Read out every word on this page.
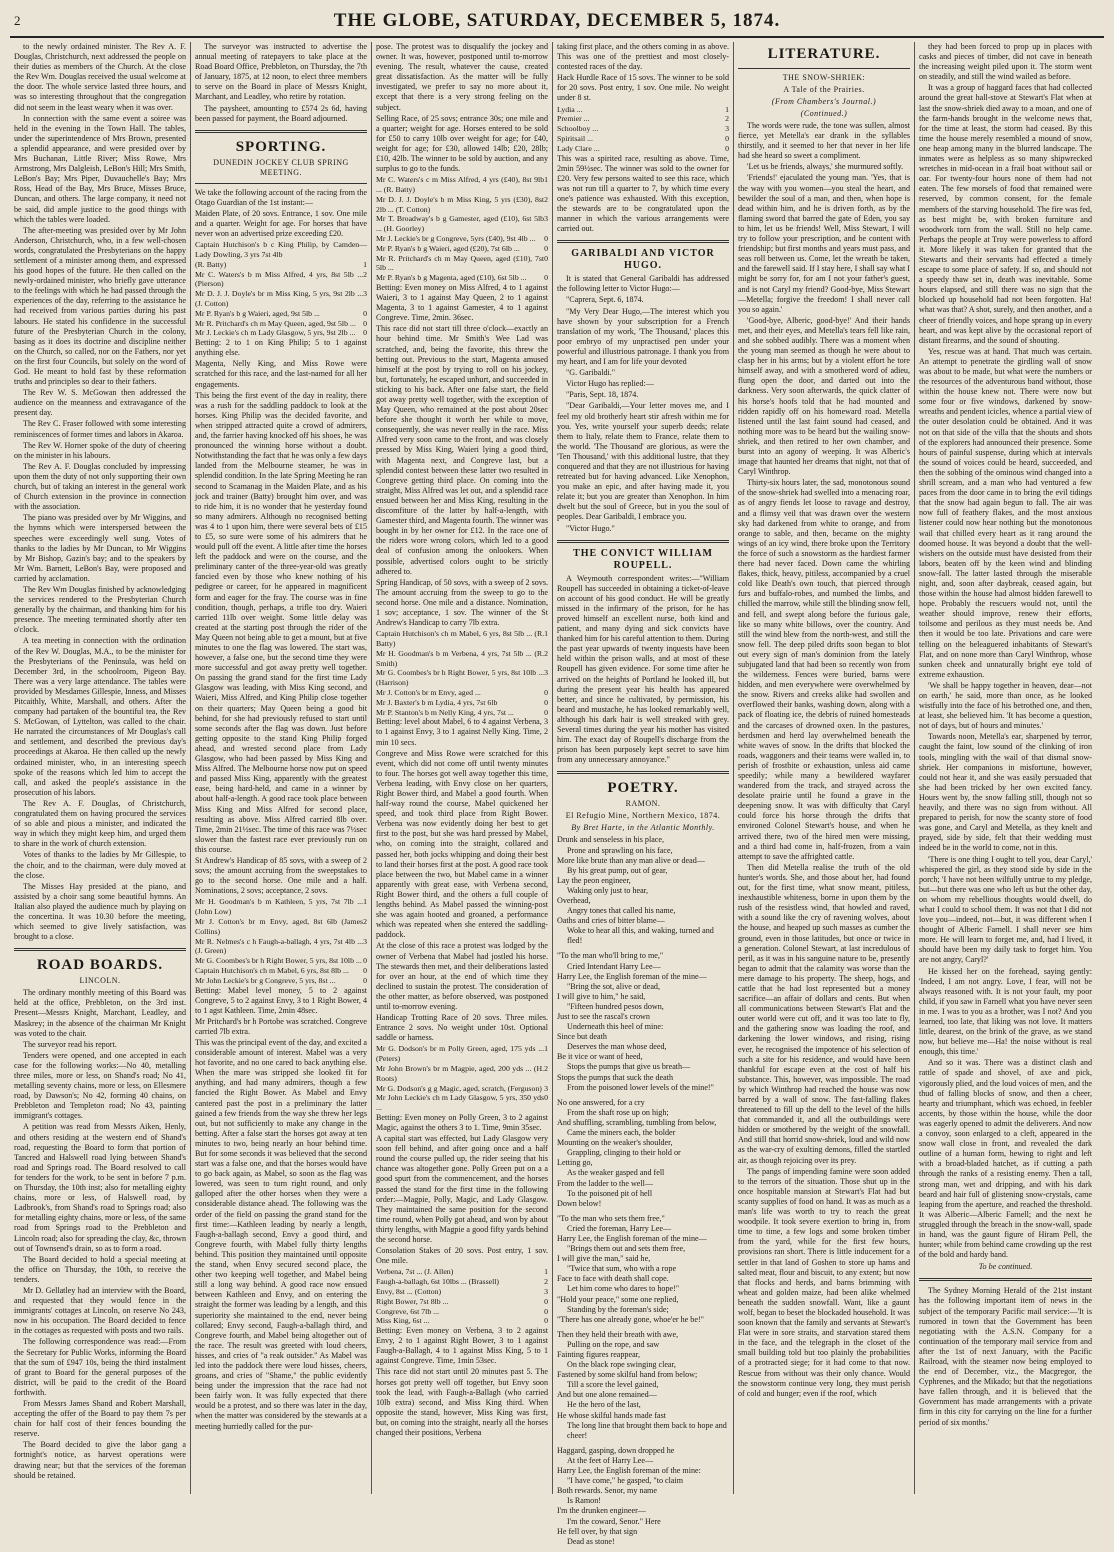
2	THE GLOBE, SATURDAY, DECEMBER 5, 1874.

to the newly ordained minister. The Rev A. F. Douglas, Christchurch, next addressed the people on their duties as members of the Church. At the close the Rev Wm. Douglas received the usual welcome at the door. The whole service lasted three hours, and was so interesting throughout that the congregation did not seem in the least weary when it was over.

In connection with the same event a soiree was held in the evening in the Town Hall. The tables, under the superintendence of Mrs Brown, presented a splendid appearance, and were presided over by Mrs Buchanan, Little River; Miss Rowe, Mrs Armstrong, Mrs Dalgleish, LeBon's Hill; Mrs Smith, LeBon's Bay; Mrs Piper, Duvauchelle's Bay; Mrs Ross, Head of the Bay, Mrs Bruce, Misses Bruce, Duncan, and others. The large company, it need not be said, did ample justice to the good things with which the tables were loaded.

The after-meeting was presided over by Mr John Anderson, Christchurch, who, in a few well-chosen words, congratulated the Presbyterians on the happy settlement of a minister among them, and expressed his good hopes of the future. He then called on the newly-ordained minister, who briefly gave utterance to the feelings with which he had passed through the experiences of the day, referring to the assistance he had received from various parties during his past labours. He stated his confidence in the successful future of the Presbyterian Church in the colony, basing as it does its doctrine and discipline neither on the Church, so called, nor on the Fathers, nor yet on the first four Councils, but solely on the word of God. He meant to hold fast by these reformation truths and principles so dear to their fathers.

The Rev W. S. McGowan then addressed the audience on the meanness and extravagance of the present day.

The Rev C. Fraser followed with some interesting reminiscences of former times and labors in Akaroa.

The Rev W. Horner spoke of the duty of cheering on the minister in his labours.

The Rev A. F. Douglas concluded by impressing upon them the duty of not only supporting their own church, but of taking an interest in the general work of Church extension in the province in connection with the association.

The piano was presided over by Mr Wiggins, and the hymns which were interspersed between the speeches were exceedingly well sung. Votes of thanks to the ladies by Mr Duncan, to Mr Wiggins by Mr Bishop, Gazin's bay; and to the speakers by Mr Wm. Barnett, LeBon's Bay, were proposed and carried by acclamation.

The Rev Wm Douglas finished by acknowledging the services rendered to the Presbyterian Church generally by the chairman, and thanking him for his presence. The meeting terminated shortly after ten o'clock.

A tea meeting in connection with the ordination of the Rev W. Douglas, M.A., to be the minister for the Presbyterians of the Peninsula, was held on December 3rd, in the schoolroom, Pigeon Bay. There was a very large attendance. The tables were provided by Mesdames Gillespie, Inness, and Misses Pitcaithly, White, Marshall, and others. After the company had partaken of the bountiful tea, the Rev S. McGowan, of Lyttelton, was called to the chair. He narrated the circumstances of Mr Douglas's call and settlement, and described the previous day's proceedings at Akaroa. He then called up the newly ordained minister, who, in an interesting speech spoke of the reasons which led him to accept the call, and asked the people's assistance in the prosecution of his labors.

The Rev A. F. Douglas, of Christchurch, congratulated them on having procured the services of so able and pious a minister, and indicated the way in which they might keep him, and urged them to share in the work of church extension.

Votes of thanks to the ladies by Mr Gillespie, to the choir, and to the chairman, were duly moved at the close.

The Misses Hay presided at the piano, and assisted by a choir sang some beautiful hymns. An Italian also played the audience much by playing on the concertina. It was 10.30 before the meeting, which seemed to give lively satisfaction, was brought to a close.

ROAD BOARDS.
LINCOLN.

The ordinary monthly meeting of this Board was held at the office, Prebbleton, on the 3rd inst. Present—Messrs Knight, Marchant, Leadley, and Maskrey; in the absence of the chairman Mr Knight was voted to the chair.

The surveyor read his report.

Tenders were opened, and one accepted in each case for the following works:—No 40, metalling three miles, more or less, on Shand's road; No 41, metalling seventy chains, more or less, on Ellesmere road, by Dawson's; No 42, forming 40 chains, on Prebbleton and Templeton road; No 43, painting immigrant's cottages.

A petition was read from Messrs Aiken, Henly, and others residing at the western end of Shand's road, requesting the Board to form that portion of Tancred and Halswell road lying between Shand's road and Springs road. The Board resolved to call for tenders for the work, to be sent in before 7 p.m. on Thursday, the 10th inst; also for metalling eighty chains, more or less, of Halswell road, by Ladbrook's, from Shand's road to Springs road; also for metalling eighty chains, more or less, of the same road from Springs road to the Prebbleton and Lincoln road; also for spreading the clay, &c, thrown out of Townsend's drain, so as to form a road.

The Board decided to hold a special meeting at the office on Thursday, the 10th, to receive the tenders.

Mr D. Gellatley had an interview with the Board, and requested that they would fence in the immigrants' cottages at Lincoln, on reserve No 243, now in his occupation. The Board decided to fence in the cottages as requested with posts and two rails.

The following correspondence was read:—From the Secretary for Public Works, informing the Board that the sum of £947 10s, being the third instalment of grant to Board for the general purposes of the district, will be paid to the credit of the Board forthwith.

From Messrs James Shand and Robert Marshall, accepting the offer of the Board to pay them 7s per chain for half cost of their fences bounding the reserve.

The Board decided to give the labor gang a fortnight's notice, as harvest operations were drawing near; but that the services of the foreman should be retained.

The surveyor was instructed to advertise the annual meeting of ratepayers to take place at the Road Board Office, Prebbleton, on Thursday, the 7th of January, 1875, at 12 noon, to elect three members to serve on the Board in place of Messrs Knight, Marchant, and Leadley, who retire by rotation.

The paysheet, amounting to £574 2s 6d, having been passed for payment, the Board adjourned.

SPORTING.
DUNEDIN JOCKEY CLUB SPRING MEETING.

We take the following account of the racing from the Otago Guardian of the 1st instant:—

Maiden Plate, of 20 sovs. Entrance, 1 sov. One mile and a quarter. Weight for age. For horses that have never won an advertised prize exceeding £20.

Captain Hutchison's b c King Philip, by Camden—Lady Dowling, 3 yrs 7st 4lb
(R. Batty)	1
Mr C. Waters's b m Miss Alfred, 4 yrs, 8st 5lb ... (Pierson)
2
Mr D. J. J. Doyle's br m Miss King, 5 yrs, 9st 2lb ... (J. Cotton)
3
Mr P. Ryan's b g Waieri, aged, 9st 5lb ...	0
Mr R. Pritchard's ch m May Queen, aged, 9st 5lb ... 0
Mr J. Leckie's ch m Lady Glasgow, 5 yrs, 9st 2lb ... 0

Betting: 2 to 1 on King Philip; 5 to 1 against anything else.

Magenta, Nelly King, and Miss Rowe were scratched for this race, and the last-named for all her engagements.

This being the first event of the day in reality, there was a rush for the saddling paddock to look at the horses. King Philip was the decided favorite, and when stripped attracted quite a crowd of admirers, and, the farrier having knocked off his shoes, he was pronounced the winning horse without a doubt. Notwithstanding the fact that he was only a few days landed from the Melbourne steamer, he was in splendid condition. In the late Spring Meeting he ran second to Scamanag in the Maiden Plate, and as his jock and trainer (Batty) brought him over, and was to ride him, it is no wonder that he yesterday found so many admirers. Although no recognised betting was 4 to 1 upon him, there were several bets of £15 to £5, so sure were some of his admirers that he would pull off the event. A little after time the horses left the paddock and were on the course, and the preliminary canter of the three-year-old was greatly fancied even by those who knew nothing of his pedigree or career, for he appeared in magnificent form and eager for the fray. The course was in fine condition, though, perhaps, a trifle too dry. Waieri carried 11lb over weight. Some little delay was created at the starting post through the rider of the May Queen not being able to get a mount, but at five minutes to one the flag was lowered. The start was, however, a false one, but the second time they were more successful and got away pretty well together. On passing the grand stand for the first time Lady Glasgow was leading, with Miss King second, and Waieri, Miss Alfred, and King Philip close together on their quarters; May Queen being a good bit behind, for she had previously refused to start until some seconds after the flag was down. Just before getting opposite to the stand King Philip forged ahead, and wrested second place from Lady Glasgow, who had been passed by Miss King and Miss Alfred. The Melbourne horse now put on speed and passed Miss King, apparently with the greatest ease, being hard-held, and came in a winner by about half-a-length. A good race took place between Miss King and Miss Alfred for second place, resulting as above. Miss Alfred carried 8lb over. Time, 2min 21½sec. The time of this race was 7½sec slower than the fastest race ever previously run on this course.

St Andrew's Handicap of 85 sovs, with a sweep of 2 sovs; the amount accruing from the sweepstakes to go to the second horse. One mile and a half. Nominations, 2 sovs; acceptance, 2 sovs.

Mr H. Goodman's b m Kathleen, 5 yrs, 7st 7lb ... (John Low)
1
Mr J. Cotton's br m Envy, aged, 8st 6lb (James Collins)
2
Mr R. Nelmes's c h Faugh-a-ballagh, 4 yrs, 7st 4lb ... (J. Green)
3
Mr G. Coombes's br h Right Bower, 5 yrs, 8st 10lb ... 0
Captain Hutchison's ch m Mabel, 6 yrs, 8st 8lb ... 0
Mr John Leckie's br g Congreve, 5 yrs, 8st ...	0

Betting: Mabel level money, 5 to 2 against Congreve, 5 to 2 against Envy, 3 to 1 Right Bower, 4 to 1 agst Kathleen. Time, 2min 48sec.

Mr Pritchard's br h Portobe was scratched. Congreve carried 7lb extra.

This was the principal event of the day, and excited a considerable amount of interest. Mabel was a very hot favorite, and no one cared to back anything else. When the mare was stripped she looked fit for anything, and had many admirers, though a few fancied the Right Bower. As Mabel and Envy cantered past the post in a preliminary the latter gained a few friends from the way she threw her legs out, but not sufficiently to make any change in the betting. After a false start the horses got away at ten minutes to two, being nearly an hour behind time. But for some seconds it was believed that the second start was a false one, and that the horses would have to go back again, as Mabel, so soon as the flag was lowered, was seen to turn right round, and only galloped after the other horses when they were a considerable distance ahead. The following was the order of the field on passing the grand stand for the first time:—Kathleen leading by nearly a length, Faugh-a-ballagh second, Envy a good third, and Congreve fourth, with Mabel fully thirty lengths behind. This position they maintained until opposite the stand, when Envy secured second place, the other two keeping well together, and Mabel being still a long way behind. A good race now ensued between Kathleen and Envy, and on entering the straight the former was leading by a length, and this superiority she maintained to the end, never being collared; Envy second, Faugh-a-ballagh third, and Congreve fourth, and Mabel being altogether out of the race. The result was greeted with loud cheers, hisses, and cries of "a reak outsider." As Mabel was led into the paddock there were loud hisses, cheers, groans, and cries of "Shame," the public evidently being under the impression that the race had not been fairly won. It was fully expected that there would be a protest, and so there was later in the day, when the matter was considered by the stewards at a meeting hurriedly called for the pur-

pose. The protest was to disqualify the jockey and owner. It was, however, postponed until to-morrow evening. The result, whatever the cause, created great dissatisfaction. As the matter will be fully investigated, we prefer to say no more about it, except that there is a very strong feeling on the subject.

Selling Race, of 25 sovs; entrance 30s; one mile and a quarter; weight for age. Horses entered to be sold for £50 to carry 10lb over weight for age; for £40, weight for age; for £30, allowed 14lb; £20, 28lb; £10, 42lb. The winner to be sold by auction, and any surplus to go to the funds.

Mr C. Waters's c m Miss Alfred, 4 yrs (£40), 8st 9lb ... (R. Batty)
1
Mr D. J. J. Doyle's b m Miss King, 5 yrs (£30), 8st 2lb ... (T. Cotton)
2
Mr T. Broadway's b g Gamester, aged (£10), 6st 5lb ... (H. Goorley)
3
Mr J. Leckie's br g Congreve, 5yrs (£40), 9st 4lb ... 0
Mr P. Ryan's b g Waieri, aged (£20), 7st 6lb ...	0
Mr R. Pritchard's ch m May Queen, aged (£10), 7st 5lb ...
0
Mr P. Ryan's b g Magenta, aged (£10), 6st 5lb ... 0

Betting: Even money on Miss Alfred, 4 to 1 against Waieri, 3 to 1 against May Queen, 2 to 1 against Magenta, 3 to 1 against Gamester, 4 to 1 against Congreve. Time, 2min. 36sec.

This race did not start till three o'clock—exactly an hour behind time. Mr Smith's Wee Lad was scratched, and, being the favorite, this threw the betting out. Previous to the start, Magenta amused himself at the post by trying to roll on his jockey, but, fortunately, he escaped unhurt, and succeeded in sticking to his back. After one false start, the field got away pretty well together, with the exception of May Queen, who remained at the post about 20sec before she thought it worth her while to move, consequently, she was never really in the race. Miss Alfred very soon came to the front, and was closely pressed by Miss King, Waieri lying a good third, with Magenta next, and Congreve last, but a splendid contest between these latter two resulted in Congreve getting third place. On coming into the straight, Miss Alfred was let out, and a splendid race ensued between her and Miss King, resulting in the discomfiture of the latter by half-a-length, with Gamester third, and Magenta fourth. The winner was bought in by her owner for £12. In the race one of the riders wore wrong colors, which led to a good deal of confusion among the onlookers. When possible, advertised colors ought to be strictly adhered to.

Spring Handicap, of 50 sovs, with a sweep of 2 sovs. The amount accruing from the sweep to go to the second horse. One mile and a distance. Nomination, 1 sov; acceptance, 1 sov. The winner of the St Andrew's Handicap to carry 7lb extra.

Captain Hutchison's ch m Mabel, 6 yrs, 8st 5lb ... (R. Batty)
1
Mr H. Goodman's b m Verbena, 4 yrs, 7st 5lb ... (R. Smith)
2
Mr G. Coombes's br h Right Bower, 5 yrs, 8st 10lb ... (Harrison)
3
Mr J. Cotton's br m Envy, aged ...	0
Mr J. Baxter's b m Lydia, 4 yrs, 7st 6lb	0
Mr P. Stanton's b m Nelly King, 4 yrs, 7st ...	0

Betting: level about Mabel, 6 to 4 against Verbena, 3 to 1 against Envy, 3 to 1 against Nelly King. Time, 2 min 10 secs.

Congreve and Miss Rowe were scratched for this event, which did not come off until twenty minutes to four. The horses got well away together this time, Verbena leading, with Envy close on her quarters, Right Bower third, and Mabel a good fourth. When half-way round the course, Mabel quickened her speed, and took third place from Right Bower. Verbena was now evidently doing her best to get first to the post, but she was hard pressed by Mabel, who, on coming into the straight, collared and passed her, both jocks whipping and doing their best to land their horses first at the post. A good race took place between the two, but Mabel came in a winner apparently with great ease, with Verbena second, Right Bower third, and the others a full couple of lengths behind. As Mabel passed the winning-post she was again hooted and groaned, a performance which was repeated when she entered the saddling-paddock.

At the close of this race a protest was lodged by the owner of Verbena that Mabel had jostled his horse. The stewards then met, and their deliberations lasted for over an hour, at the end of which time they declined to sustain the protest. The consideration of the other matter, as before observed, was postponed until to-morrow evening.

Handicap Trotting Race of 20 sovs. Three miles. Entrance 2 sovs. No weight under 10st. Optional saddle or harness.

Mr G. Dodson's br m Polly Green, aged, 175 yds ... (Peters)
1
Mr John Brown's br m Magpie, aged, 200 yds ... (H. Roots)
2
Mr G. Dodson's g g Magic, aged, scratch, (Ferguson) 3
Mr John Leckie's ch m Lady Glasgow, 5 yrs, 350 yds ...
0

Betting: Even money on Polly Green, 3 to 2 against Magic, against the others 3 to 1. Time, 9min 35sec.

A capital start was effected, but Lady Glasgow very soon fell behind, and after going once and a half round the course pulled up, the rider seeing that his chance was altogether gone. Polly Green put on a a good spurt from the commencement, and the horses passed the stand for the first time in the following order:—Magpie, Polly, Magic, and Lady Glasgow. They maintained the same position for the second time round, when Polly got ahead, and won by about thirty lengths, with Magpie a good fifty yards behind the second horse.

Consolation Stakes of 20 sovs. Post entry, 1 sov. One mile.

Verbena, 7st ... (J. Allen)	1
Faugh-a-ballagh, 6st 10lbs ... (Brassell)	2
Envy, 8st ... (Cotton)	3
Right Bower, 7st 8lb ...	0
Congreve, 6st 7lb ...	0
Miss King, 6st ...	0

Betting: Even money on Verbena, 3 to 2 against Envy, 2 to 1 against Right Bower, 3 to 1 against Faugh-a-Ballagh, 4 to 1 against Miss King, 5 to 1 against Congreve. Time, 1min 53sec.

This race did not start until 20 minutes past 5. The horses got pretty well off together, but Envy soon took the lead, with Faugh-a-Ballagh (who carried 10lb extra) second, and Miss King third. When opposite the stand, however, Miss King was first, but, on coming into the straight, nearly all the horses changed their positions, Verbena

taking first place, and the others coming in as above. This was one of the prettiest and most closely-contested races of the day.

Hack Hurdle Race of 15 sovs. The winner to be sold for 20 sovs. Post entry, 1 sov. One mile. No weight under 8 st.

Lydia ...	1
Premier ...	2
Schoolboy ...	3
Spiritsail ...	0
Lady Clare ...	0

This was a spirited race, resulting as above. Time, 2min 59½sec. The winner was sold to the owner for £20. Very few persons waited to see this race, which was not run till a quarter to 7, by which time every one's patience was exhausted. With this exception, the stewards are to be congratulated upon the manner in which the various arrangements were carried out.

GARIBALDI AND VICTOR HUGO.

It is stated that General Garibaldi has addressed the following letter to Victor Hugo:—

"Caprera, Sept. 6, 1874.

"My Very Dear Hugo,—The interest which you have shown by your subscription for a French translation of my work, 'The Thousand,' places this poor embryo of my unpractised pen under your powerful and illustrious patronage. I thank you from my heart, and I am for life your devoted

"G. Garibaldi."

Victor Hugo has replied:—

"Paris, Sept. 18, 1874.

"Dear Garibaldi,—Your letter moves me, and I feel my old brotherly heart stir afresh within me for you. Yes, write yourself your superb deeds; relate them to Italy, relate them to France, relate them to the world. 'The Thousand' are glorious, as were the 'Ten Thousand,' with this additional lustre, that they conquered and that they are not illustrious for having retreated but for having advanced. Like Xenophon, you make an epic, and after having made it, you relate it; but you are greater than Xenophon. In him dwelt but the soul of Greece, but in you the soul of peoples. Dear Garibaldi, I embrace you.

"Victor Hugo."

THE CONVICT WILLIAM ROUPELL.

A Weymouth correspondent writes:—"William Roupell has succeeded in obtaining a ticket-of-leave on account of his good conduct. He will be greatly missed in the infirmary of the prison, for he has proved himself an excellent nurse, both kind and patient, and many dying and sick convicts have thanked him for his careful attention to them. During the past year upwards of twenty inquests have been held within the prison walls, and at most of these Roupell has given evidence. For some time after he arrived on the heights of Portland he looked ill, but during the present year his health has appeared better, and since he cultivated, by permission, his beard and mustache, he has looked remarkably well, although his dark hair is well streaked with grey. Several times during the year his mother has visited him. The exact day of Roupell's discharge from the prison has been purposely kept secret to save him from any unnecessary annoyance."

POETRY.
RAMON.
El Refugio Mine, Northern Mexico, 1874.
By Bret Harte, in the Atlantic Monthly.

Drunk and senseless in his place,

Prone and sprawling on his face,

More like brute than any man alive or dead—

By his great pump, out of gear,

Lay the peon engineer,

Waking only just to hear,

Overhead,

Angry tones that called his name,

Oaths and cries of bitter blame—

Woke to hear all this, and waking, turned and fled!

"To the man who'll bring to me,"

Cried Intendant Harry Lee—

Harry Lee, the English foreman of the mine—

"Bring the sot, alive or dead,

I will give to him," he said,

"Fifteen hundred pesos down,

Just to see the rascal's crown

Underneath this heel of mine:

Since but death

Deserves the man whose deed,

Be it vice or want of heed,

Stops the pumps that give us breath—

Stops the pumps that suck the death

From the poisoned lower levels of the mine!"

No one answered, for a cry

From the shaft rose up on high;

And shuffling, scrambling, tumbling from below,

Came the miners each, the bolder

Mounting on the weaker's shoulder,

Grappling, clinging to their hold or

Letting go,

As the weaker gasped and fell

From the ladder to the well—

To the poisoned pit of hell

Down below!

"To the man who sets them free,"

Cried the foreman, Harry Lee—

Harry Lee, the English foreman of the mine—

"Brings them out and sets them free,

I will give the man," said he,

"Twice that sum, who with a rope

Face to face with death shall cope.

Let him come who dares to hope!"

"Hold your peace," some one replied,

Standing by the foreman's side;

"There has one already gone, whoe'er he be!"

Then they held their breath with awe,

Pulling on the rope, and saw

Fainting figures reappear,

On the black rope swinging clear,

Fastened by some skilful hand from below;

Till a score the level gained,

And but one alone remained—

He the hero of the last,

He whose skilful hands made fast

The long line that brought them back to hope and cheer!

Haggard, gasping, down dropped he

At the feet of Harry Lee—

Harry Lee, the English foreman of the mine:

"I have come," he gasped, "to claim

Both rewards. Senor, my name

Is Ramon!

I'm the drunken engineer—

I'm the coward, Senor." Here

He fell over, by that sign

Dead as stone!

LITERATURE.
THE SNOW-SHRIEK:
A Tale of the Prairies.
(From Chambers's Journal.)
(Continued.)

The words were rude, the tone was sullen, almost fierce, yet Metella's ear drank in the syllables thirstily, and it seemed to her that never in her life had she heard so sweet a compliment.

'Let us be friends, always,' she murmured softly.

'Friends!' ejaculated the young man. 'Yes, that is the way with you women—you steal the heart, and bewilder the soul of a man, and then, when hope is dead within him, and he is driven forth, as by the flaming sword that barred the gate of Eden, you say to him, let us be friends! Well, Miss Stewart, I will try to follow your prescription, and be content with friendship; but first months and years must pass, and seas roll between us. Come, let the wreath be taken, and the farewell said. If I stay here, I shall say what I might be sorry for, for am I not your father's guest, and is not Caryl my friend? Good-bye, Miss Stewart—Metella; forgive the freedom! I shall never call you so again.'

'Good-bye, Alberic, good-bye!' And their hands met, and their eyes, and Metella's tears fell like rain, and she sobbed audibly. There was a moment when the young man seemed as though he were about to clasp her in his arms; but by a violent effort he tore himself away, and with a smothered word of adieu, flung open the door, and darted out into the darkness. Very soon afterwards, the quick clatter of his horse's hoofs told that he had mounted and ridden rapidly off on his homeward road. Metella listened until the last faint sound had ceased, and nothing more was to be heard but the wailing snow-shriek, and then retired to her own chamber, and burst into an agony of weeping. It was Alberic's image that haunted her dreams that night, not that of Caryl Winthrop.

Thirty-six hours later, the sad, monotonous sound of the snow-shriek had swelled into a menacing roar, as of angry fiends let loose to ravage and destroy, and a flimsy veil that was drawn over the western sky had darkened from white to orange, and from orange to sable, and then, became on the mighty wings of an icy wind, there broke upon the Territory the force of such a snowstorm as the hardiest farmer there had never faced. Down came the whirling flakes, thick, heavy, pitiless, accompanied by a cruel cold like Death's own touch, that pierced through furs and buffalo-robes, and numbed the limbs, and chilled the marrow, while still the blinding snow fell, and fell, and swept along before the furious gale, like so many white billows, over the country. And still the wind blew from the north-west, and still the snow fell. The deep piled drifts soon began to blot out every sign of man's dominion from the lately subjugated land that had been so recently won from the wilderness. Fences were buried, barns were hidden, and men everywhere were overwhelmed by the snow. Rivers and creeks alike had swollen and overflowed their banks, washing down, along with a pack of floating ice, the debris of ruined homesteads and the carcases of drowned oxen. In the pastures, herdsmen and herd lay overwhelmed beneath the white waves of snow. In the drifts that blocked the roads, waggoners and their teams were walled in, to perish of frostbite or exhaustion, unless aid came speedily; while many a bewildered wayfarer wandered from the track, and strayed across the desolate prairie until he found a grave in the deepening snow. It was with difficulty that Caryl could force his horse through the drifts that environed Colonel Stewart's house, and when he arrived there, two of the hired men were missing, and a third had come in, half-frozen, from a vain attempt to save the affrighted cattle.

Then did Metella realise the truth of the old hunter's words. She, and those about her, had found out, for the first time, what snow meant, pitiless, inexhaustible whiteness, borne in upon them by the rush of the resistless wind, that howled and raved, with a sound like the cry of ravening wolves, about the house, and heaped up such masses as cumber the ground, even in those latitudes, but once or twice in a generation. Colonel Stewart, at last incredulous of peril, as it was in his sanguine nature to be, presently began to admit that the calamity was worse than the mere damage to his property. The sheep, hogs, and cattle that he had lost represented but a money sacrifice—an affair of dollars and cents. But when all communications between Stewart's Flat and the outer world were cut off, and it was too late to fly, and the gathering snow was loading the roof, and darkening the lower windows, and rising, rising ever, he recognised the impotence of his selection of such a site for his residence, and would have been thankful for escape even at the cost of half his substance. This, however, was impossible. The road by which Winthrop had reached the house was now barred by a wall of snow. The fast-falling flakes threatened to fill up the dell to the level of the hills that commanded it, and all the outbuildings were hidden or smothered by the weight of the snowfall. And still that horrid snow-shriek, loud and wild now as the war-cry of exulting demons, filled the startled air, as though rejoicing over its prey.

The pangs of impending famine were soon added to the terrors of the situation. Those shut up in the once hospitable mansion at Stewart's Flat had but scanty supplies of food on hand. It was as much as a man's life was worth to try to reach the great woodpile. It took severe exertion to bring in, from time to time, a few logs and some broken timber from the yard, while for the first few hours, provisions ran short. There is little inducement for a settler in that land of Goshen to store up hams and salted meat, flour and biscuit, to any extent; but now that flocks and herds, and barns brimming with wheat and golden maize, had been alike whelmed beneath the sudden snowfall. Want, like a gaunt wolf, began to beset the blockaded household. It was soon known that the family and servants at Stewart's Flat were in sore straits, and starvation stared them in the face, and the telegraph in the closet of the small building told but too plainly the probabilities of a protracted siege; for it had come to that now. Rescue from without was their only chance. Would the snowstorm continue very long, they must perish of cold and hunger; even if the roof, which

they had been forced to prop up in places with casks and pieces of timber, did not cave in beneath the increasing weight piled upon it. The storm went on steadily, and still the wind wailed as before.

It was a group of haggard faces that had collected around the great hall-stove at Stewart's Flat when at last the snow-shriek died away to a moan, and one of the farm-hands brought in the welcome news that, for the time at least, the storm had ceased. By this time the house merely resembled a mound of snow, one heap among many in the blurred landscape. The inmates were as helpless as so many shipwrecked wretches in mid-ocean in a frail boat without sail or oar. For twenty-four hours none of them had not eaten. The few morsels of food that remained were reserved, by common consent, for the female members of the starving household. The fire was fed, as best might be, with broken furniture and woodwork torn from the wall. Still no help came. Perhaps the people at Troy were powerless to afford it. More likely it was taken for granted that the Stewarts and their servants had effected a timely escape to some place of safety. If so, and should not a speedy thaw set in, death was inevitable. Some hours elapsed, and still there was no sign that the blocked up household had not been forgotten. Ha! what was that? A shot, surely, and then another, and a cheer of friendly voices, and hope sprang up in every heart, and was kept alive by the occasional report of distant firearms, and the sound of shouting.

Yes, rescue was at hand. That much was certain. An attempt to penetrate the girdling wall of snow was about to be made, but what were the numbers or the resources of the adventurous band without, those within the house knew not. There were now but some four or five windows, darkened by snow-wreaths and pendent icicles, whence a partial view of the outer desolation could be obtained. And it was not on that side of the villa that the shouts and shots of the explorers had announced their presence. Some hours of painful suspense, during which at intervals the sound of voices could be heard, succeeded, and then the sobbing of the ominous wind changed into a shrill scream, and a man who had ventured a few paces from the door came in to bring the evil tidings that the snow had again begun to fall. The air was now full of feathery flakes, and the most anxious listener could now hear nothing but the monotonous wail that chilled every heart as it rang around the doomed house. It was beyond a doubt that the well-wishers on the outside must have desisted from their labors, beaten off by the keen wind and blinding snow-fall. The latter lasted through the miserable night, and, soon after daybreak, ceased again, but those within the house had almost bidden farewell to hope. Probably the rescuers would not, until the weather should improve, renew their efforts, toilsome and perilous as they must needs be. And then it would be too late. Privations and care were telling on the beleaguered inhabitants of Stewart's Flat, and on none more than Caryl Winthrop, whose sunken cheek and unnaturally bright eye told of extreme exhaustion.

'We shall be happy together in heaven, dear—not on earth,' he said, more than once, as he looked wistfully into the face of his betrothed one, and then, at least, she believed him. 'It has become a question, not of days, but of hours and minutes.'

Towards noon, Metella's ear, sharpened by terror, caught the faint, low sound of the clinking of iron tools, mingling with the wail of that dismal snow-shriek. Her companions in misfortune, however, could not hear it, and she was easily persuaded that she had been tricked by her own excited fancy. Hours went by, the snow falling still, though not so heavily, and there was no sign from without. All prepared to perish, for now the scanty store of food was gone, and Caryl and Metella, as they knelt and prayed, side by side, felt that their wedding must indeed be in the world to come, not in this.

'There is one thing I ought to tell you, dear Caryl,' whispered the girl, as they stood side by side in the porch; 'I have not been wilfully untrue to my pledge, but—but there was one who left us but the other day, on whom my rebellious thoughts would dwell, do what I could to school them. It was not that I did not love you—indeed, not—but, it was different when I thought of Alberic Farnell. I shall never see him more. He will learn to forget me, and, had I lived, it should have been my daily task to forget him. You are not angry, Caryl?'

He kissed her on the forehead, saying gently: 'Indeed, I am not angry. Love, I fear, will not be always reasoned with. It is not your fault, my poor child, if you saw in Farnell what you have never seen in me. I was to you as a brother, was I not? And you learned, too late, that liking was not love. It matters little, dearest, on the brink of the grave, as we stand now, but believe me—Ha! the noise without is real enough, this time.'

And so it was. There was a distinct clash and rattle of spade and shovel, of axe and pick, vigorously plied, and the loud voices of men, and the thud of falling blocks of snow, and then a cheer, hearty and triumphant, which was echoed, in feebler accents, by those within the house, while the door was eagerly opened to admit the deliverers. And now a convoy, soon enlarged to a cleft, appeared in the snow wall close in front, and revealed the dark outline of a human form, hewing to right and left with a broad-bladed hatchet, as if cutting a path through the ranks of a resisting enemy. Then a tall, strong man, wet and dripping, and with his dark beard and hair full of glistening snow-crystals, came leaping from the aperture, and reached the threshold. It was Alberic—Alberic Farnell; and the next he struggled through the breach in the snow-wall, spade in hand, was the gaunt figure of Hiram Pell, the hunter; while from behind came crowding up the rest of the bold and hardy band.

To be continued.

The Sydney Morning Herald of the 21st instant has the following important item of news in the subject of the temporary Pacific mail service:—'It is rumored in town that the Government has been negotiating with the A.S.N. Company for a continuation of the temporary mail service from and after the 1st of next January, with the Pacific Railroad, with the steamer now being employed to the end of December, viz., the Macgregor, the Cyphrenes, and the Mikado; but that the negotiations have fallen through, and it is believed that the Government has made arrangements with a private firm in this city for carrying on the line for a further period of six months.'
